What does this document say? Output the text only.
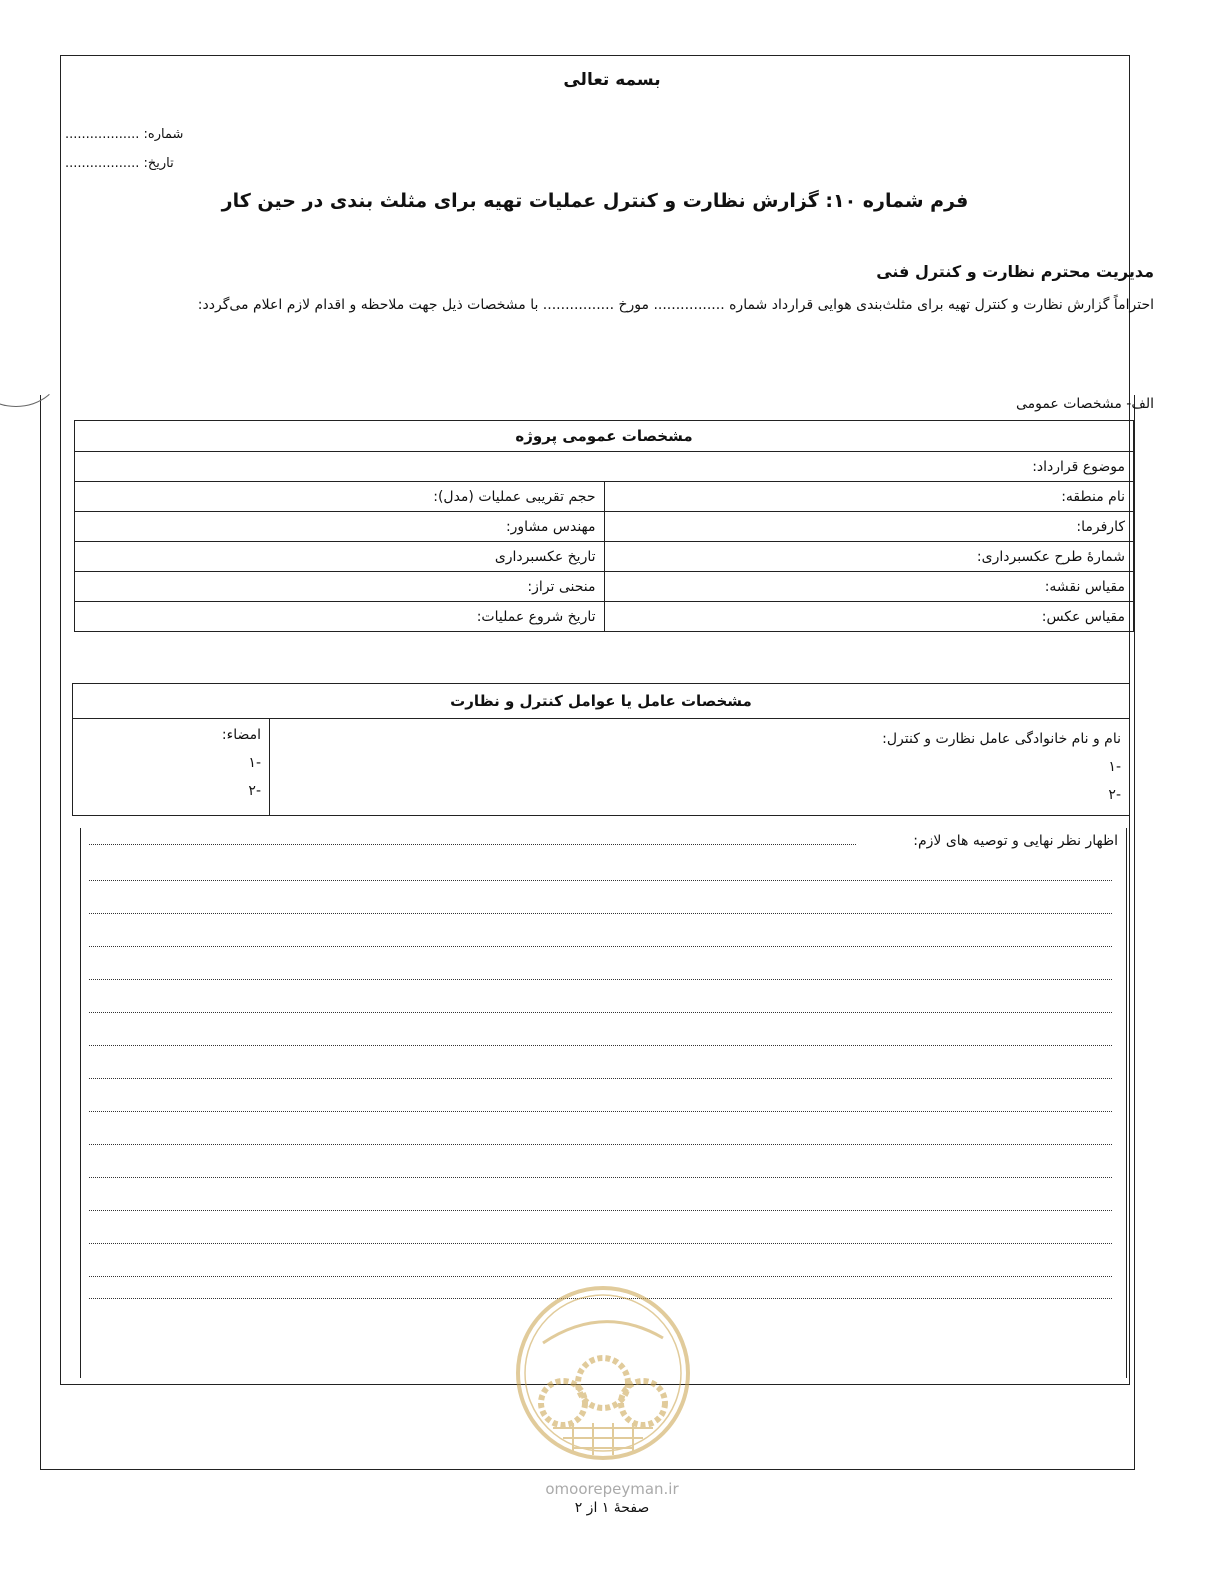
بسمه تعالی
شماره: ..................
تاریخ: ..................
فرم شماره ۱۰: گزارش نظارت و کنترل عملیات تهیه برای مثلث بندی در حین کار
مدیریت محترم نظارت و کنترل فنی
احتراماً گزارش نظارت و کنترل تهیه برای مثلث‌بندی هوایی قرارداد شماره ................ مورخ ................ با مشخصات ذیل جهت ملاحظه و اقدام لازم اعلام می‌گردد:
الف- مشخصات عمومی
مشخصات عمومی پروژه	
موضوع قرارداد:	
نام منطقه:	حجم تقریبی عملیات (مدل):
کارفرما:	مهندس مشاور:
شمارهٔ طرح عکسبرداری:	تاریخ عکسبرداری
مقیاس نقشه:	منحنی تراز:
مقیاس عکس:	تاریخ شروع عملیات:
مشخصات عامل یا عوامل کنترل و نظارت

نام و نام خانوادگی عامل نظارت و کنترل:
-۱
-۲

امضاء:
-۱
-۲
اظهار نظر نهایی و توصیه های لازم:
omoorepeyman.ir
صفحهٔ ۱ از ۲
